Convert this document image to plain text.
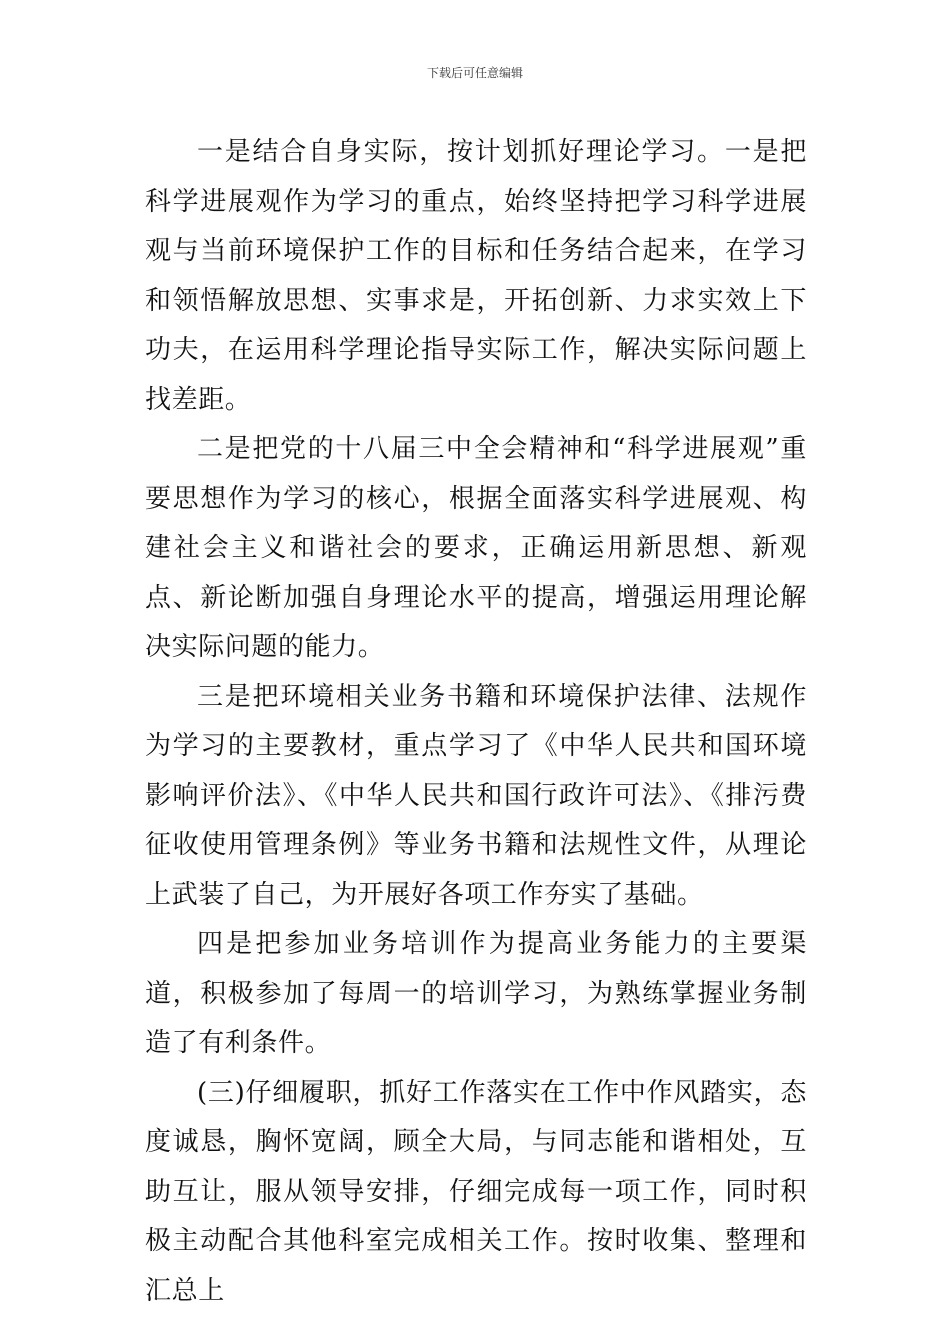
下载后可任意编辑

一是结合自身实际，按计划抓好理论学习。一是把科学进展观作为学习的重点，始终坚持把学习科学进展观与当前环境保护工作的目标和任务结合起来，在学习和领悟解放思想、实事求是，开拓创新、力求实效上下功夫，在运用科学理论指导实际工作，解决实际问题上找差距。

二是把党的十八届三中全会精神和“科学进展观”重要思想作为学习的核心，根据全面落实科学进展观、构建社会主义和谐社会的要求，正确运用新思想、新观点、新论断加强自身理论水平的提高，增强运用理论解决实际问题的能力。

三是把环境相关业务书籍和环境保护法律、法规作为学习的主要教材，重点学习了《中华人民共和国环境影响评价法》、《中华人民共和国行政许可法》、《排污费征收使用管理条例》等业务书籍和法规性文件，从理论上武装了自己，为开展好各项工作夯实了基础。

四是把参加业务培训作为提高业务能力的主要渠道，积极参加了每周一的培训学习，为熟练掌握业务制造了有利条件。

(三)仔细履职，抓好工作落实在工作中作风踏实，态度诚恳，胸怀宽阔，顾全大局，与同志能和谐相处，互助互让，服从领导安排，仔细完成每一项工作，同时积极主动配合其他科室完成相关工作。按时收集、整理和汇总上
